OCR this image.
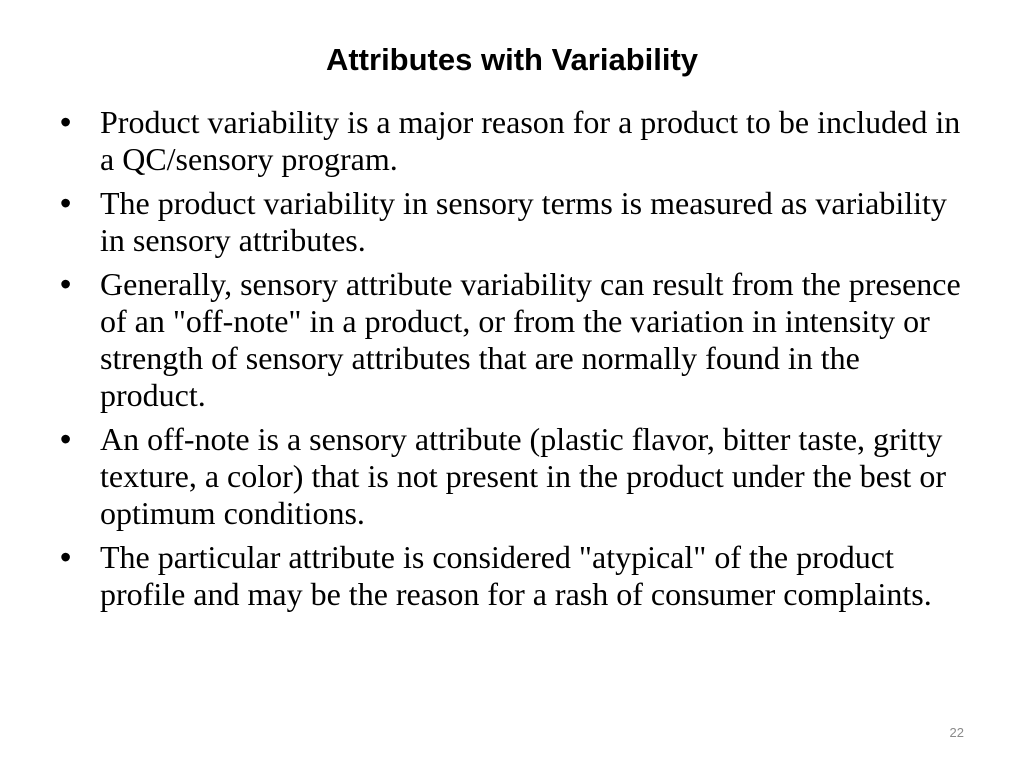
Attributes with Variability
• Product variability is a major reason for a product to be included in a QC/sensory program.
• The product variability in sensory terms is measured as variability in sensory attributes.
• Generally, sensory attribute variability can result from the presence of an "off-note" in a product, or from the variation in intensity or strength of sensory attributes that are normally found in the product.
• An off-note is a sensory attribute (plastic flavor, bitter taste, gritty texture, a color) that is not present in the product under the best or optimum conditions.
• The particular attribute is considered "atypical" of the product profile and may be the reason for a rash of consumer complaints.
22
